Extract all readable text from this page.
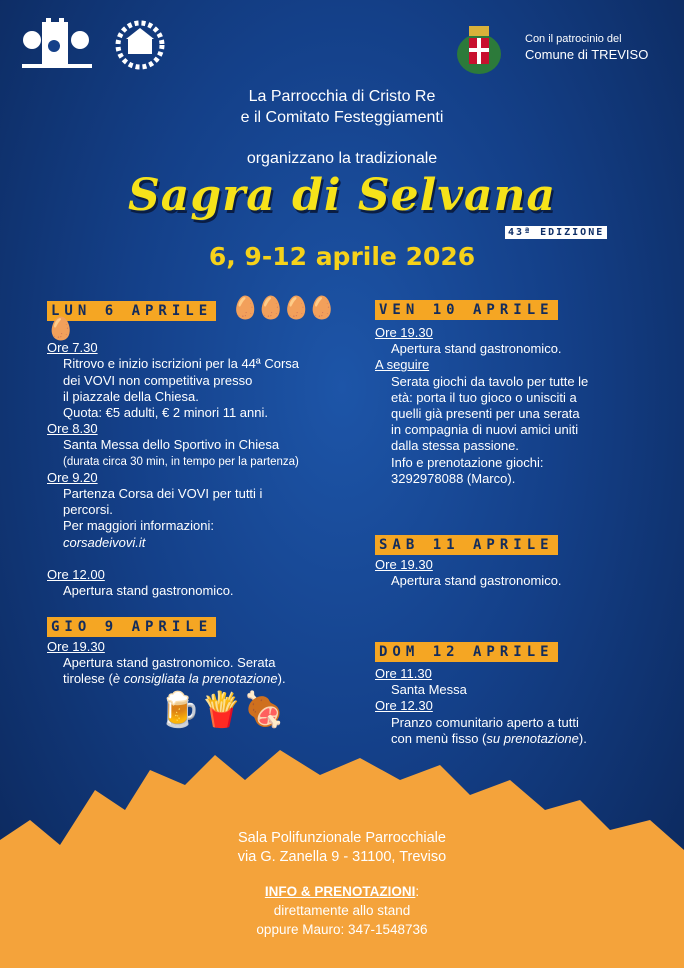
Con il patrocinio del
Comune di TREVISO
La Parrocchia di Cristo Re
e il Comitato Festeggiamenti
organizzano la tradizionale
Sagra di Selvana
43ª EDIZIONE
6, 9-12 aprile 2026
LUN 6 APRILE 🥚🥚🥚🥚🥚
Ore 7.30
Ritrovo e inizio iscrizioni per la 44ª Corsa
dei VOVI non competitiva presso
il piazzale della Chiesa.
Quota: €5 adulti, € 2 minori 11 anni.
Ore 8.30
Santa Messa dello Sportivo in Chiesa
(durata circa 30 min, in tempo per la partenza)
Ore 9.20
Partenza Corsa dei VOVI per tutti i
percorsi.
Per maggiori informazioni:
corsadeivovi.it
Ore 12.00
Apertura stand gastronomico.
GIO 9 APRILE
Ore 19.30
Apertura stand gastronomico. Serata
tirolese (è consigliata la prenotazione).
🍺🍟🍖
VEN 10 APRILE
Ore 19.30
Apertura stand gastronomico.
A seguire
Serata giochi da tavolo per tutte le
età: porta il tuo gioco o unisciti a
quelli già presenti per una serata
in compagnia di nuovi amici uniti
dalla stessa passione.
Info e prenotazione giochi:
3292978088 (Marco).
SAB 11 APRILE
Ore 19.30
Apertura stand gastronomico.
DOM 12 APRILE
Ore 11.30
Santa Messa
Ore 12.30
Pranzo comunitario aperto a tutti
con menù fisso (su prenotazione).
Sala Polifunzionale Parrocchiale
via G. Zanella 9 - 31100, Treviso
INFO & PRENOTAZIONI:
direttamente allo stand
oppure Mauro: 347-1548736
